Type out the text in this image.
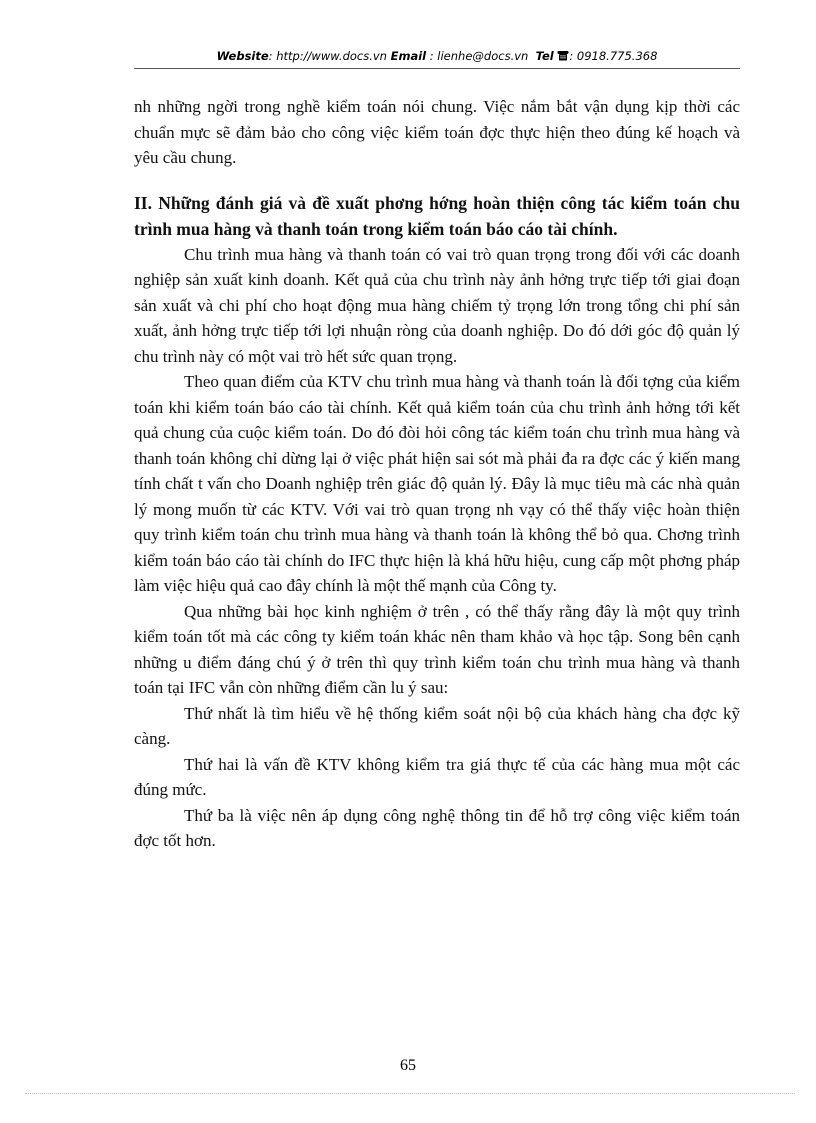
Website: http://www.docs.vn Email : lienhe@docs.vn Tel : 0918.775.368

nh những ngời trong nghề kiểm toán nói chung. Việc nắm bắt vận dụng kịp thời các chuẩn mực sẽ đảm bảo cho công việc kiểm toán đợc thực hiện theo đúng kế hoạch và yêu cầu chung.

II. Những đánh giá và đề xuất phơng hớng hoàn thiện công tác kiểm toán chu trình mua hàng và thanh toán trong kiểm toán báo cáo tài chính.

Chu trình mua hàng và thanh toán có vai trò quan trọng trong đối với các doanh nghiệp sản xuất kinh doanh. Kết quả của chu trình này ảnh hởng trực tiếp tới giai đoạn sản xuất và chi phí cho hoạt động mua hàng chiếm tỷ trọng lớn trong tổng chi phí sản xuất, ảnh hởng trực tiếp tới lợi nhuận ròng của doanh nghiệp. Do đó dới góc độ quản lý chu trình này có một vai trò hết sức quan trọng.

Theo quan điểm của KTV chu trình mua hàng và thanh toán là đối tợng của kiểm toán khi kiểm toán báo cáo tài chính. Kết quả kiểm toán của chu trình ảnh hởng tới kết quả chung của cuộc kiểm toán. Do đó đòi hỏi công tác kiểm toán chu trình mua hàng và thanh toán không chỉ dừng lại ở việc phát hiện sai sót mà phải đa ra đợc các ý kiến mang tính chất t vấn cho Doanh nghiệp trên giác độ quản lý. Đây là mục tiêu mà các nhà quản lý mong muốn từ các KTV. Với vai trò quan trọng nh vạy có thể thấy việc hoàn thiện quy trình kiểm toán chu trình mua hàng và thanh toán là không thể bỏ qua. Chơng trình kiểm toán báo cáo tài chính do IFC thực hiện là khá hữu hiệu, cung cấp một phơng pháp làm việc hiệu quả cao đây chính là một thế mạnh của Công ty.

Qua những bài học kinh nghiệm ở trên , có thể thấy rằng đây là một quy trình kiểm toán tốt mà các công ty kiểm toán khác nên tham khảo và học tập. Song bên cạnh những u điểm đáng chú ý ở trên thì quy trình kiểm toán chu trình mua hàng và thanh toán tại IFC vẫn còn những điểm cần lu ý sau:

Thứ nhất là tìm hiểu về hệ thống kiểm soát nội bộ của khách hàng cha đợc kỹ càng.

Thứ hai là vấn đề KTV không kiểm tra giá thực tế của các hàng mua một các đúng mức.

Thứ ba là việc nên áp dụng công nghệ thông tin để hỗ trợ công việc kiểm toán đợc tốt hơn.

65
